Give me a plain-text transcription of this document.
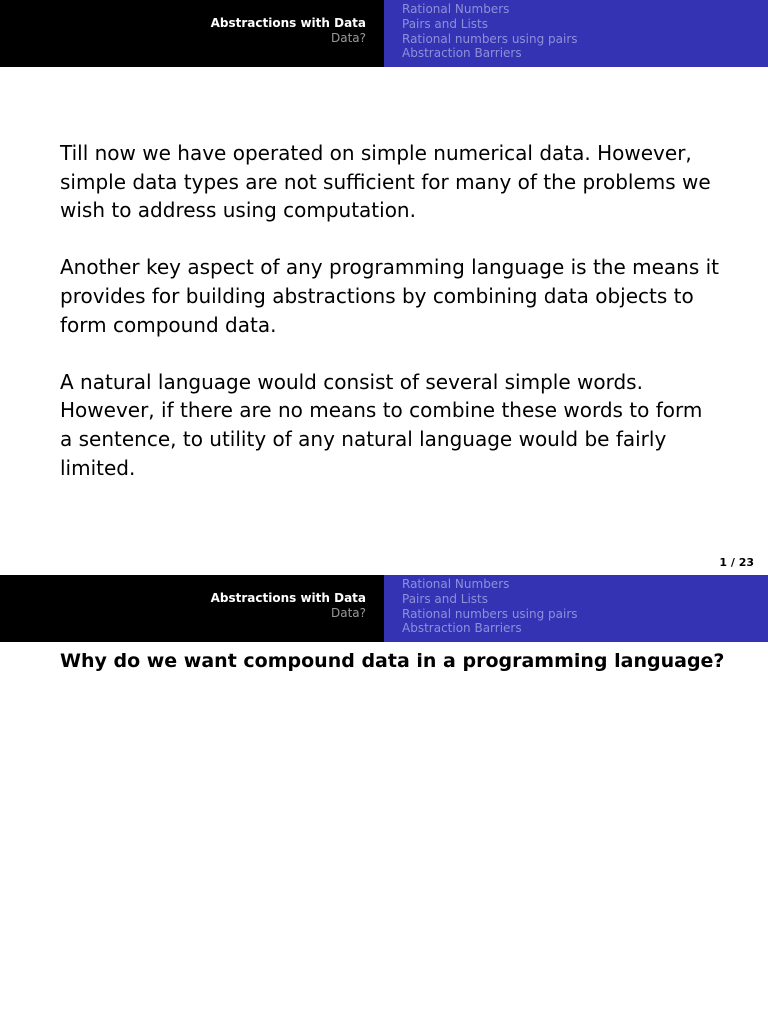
Abstractions with Data
Data?
Rational Numbers
Pairs and Lists
Rational numbers using pairs
Abstraction Barriers

Till now we have operated on simple numerical data. However, simple data types are not sufficient for many of the problems we wish to address using computation.

Another key aspect of any programming language is the means it provides for building abstractions by combining data objects to form compound data.

A natural language would consist of several simple words. However, if there are no means to combine these words to form a sentence, to utility of any natural language would be fairly limited.

1 / 23
Abstractions with Data
Data?
Rational Numbers
Pairs and Lists
Rational numbers using pairs
Abstraction Barriers
Why do we want compound data in a programming language?
